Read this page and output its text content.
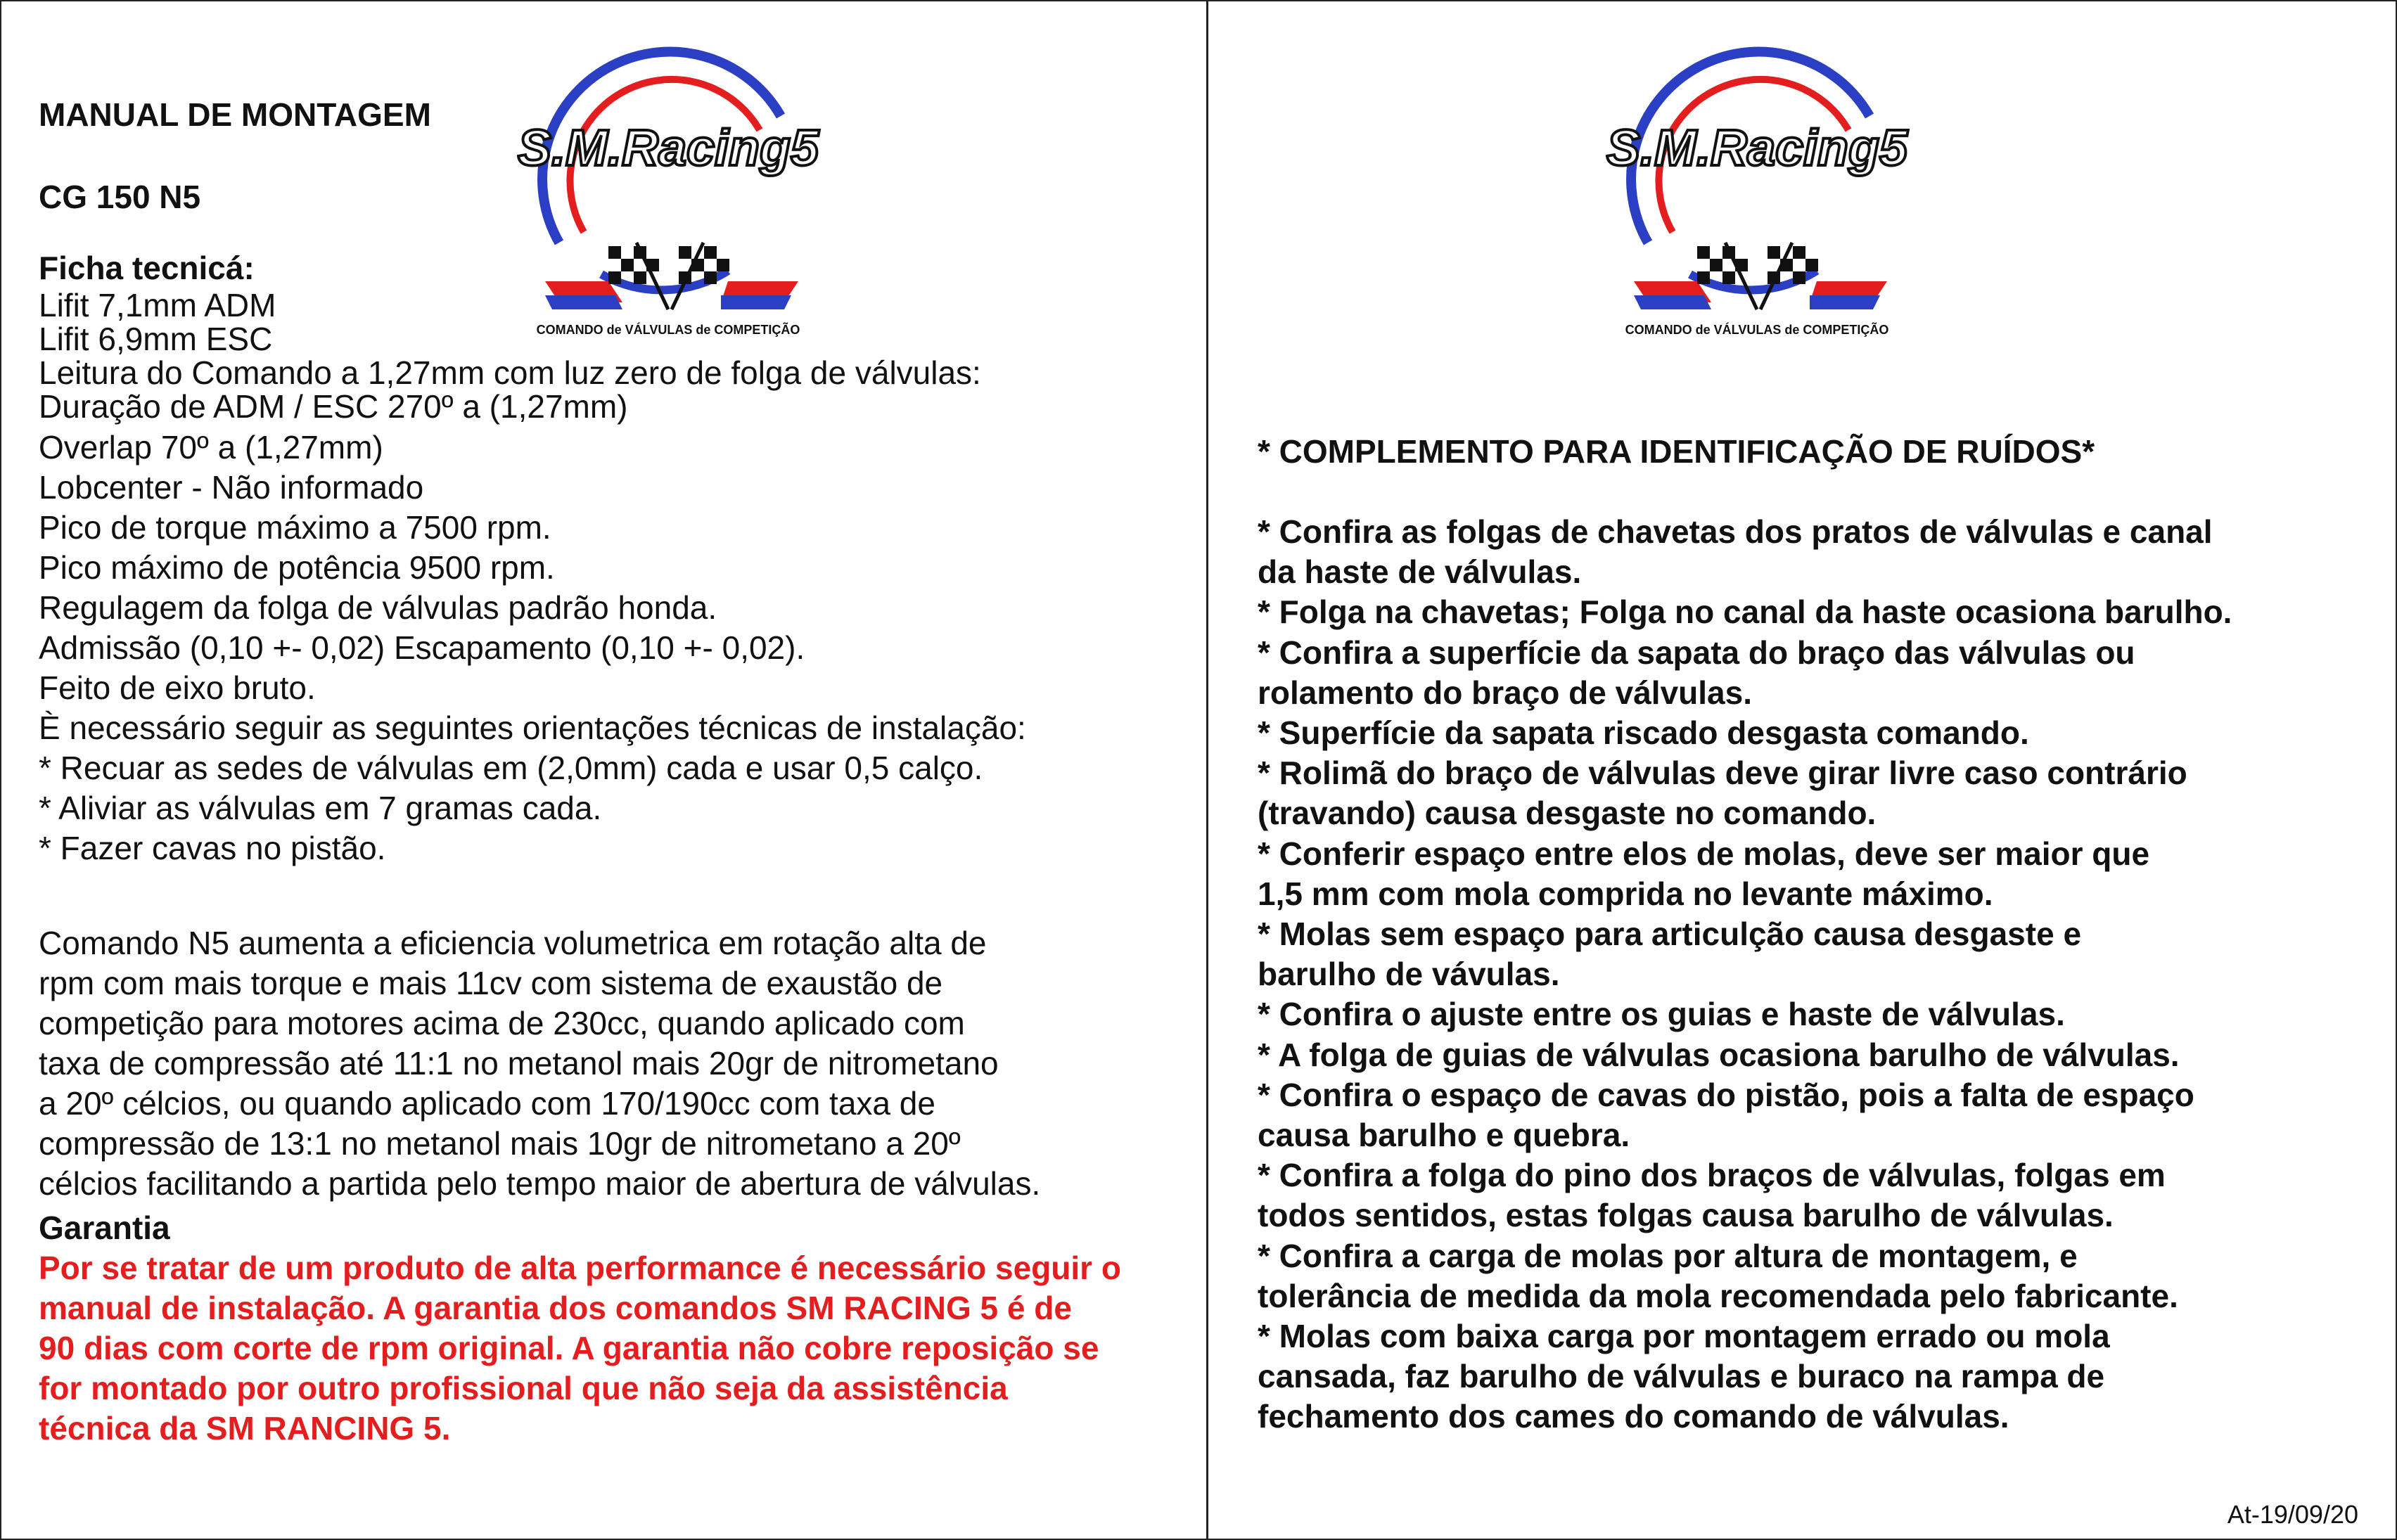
MANUAL DE MONTAGEM
CG 150 N5
Ficha tecnicá:
Lifit 7,1mm ADM
Lifit 6,9mm ESC
Leitura do Comando a 1,27mm com luz zero de folga de válvulas:
Duração de ADM / ESC 270º a (1,27mm)
Overlap 70º a (1,27mm)
Lobcenter - Não informado
Pico de torque máximo a 7500 rpm.
Pico máximo de potência 9500 rpm.
Regulagem da folga de válvulas padrão honda.
Admissão (0,10 +- 0,02) Escapamento (0,10 +- 0,02).
Feito de eixo bruto.
È necessário seguir as seguintes orientações técnicas de instalação:
* Recuar as sedes de válvulas em (2,0mm) cada e usar 0,5 calço.
* Aliviar as válvulas em 7 gramas cada.
* Fazer cavas no pistão.
Comando N5 aumenta a eficiencia volumetrica em rotação alta de
rpm com mais torque e mais 11cv com sistema de exaustão de
competição para motores acima de 230cc, quando aplicado com
taxa de compressão até 11:1 no metanol mais 20gr de nitrometano
a 20º célcios, ou quando aplicado com 170/190cc com taxa de
compressão de 13:1 no metanol mais 10gr de nitrometano a 20º
célcios facilitando a partida pelo tempo maior de abertura de válvulas.
Garantia
Por se tratar de um produto de alta performance é necessário seguir o
manual de instalação. A garantia dos comandos SM RACING 5 é de
90 dias com corte de rpm original. A garantia não cobre reposição se
for montado por outro profissional que não seja da assistência
técnica da SM RANCING 5.
* COMPLEMENTO PARA IDENTIFICAÇÃO DE RUÍDOS*
* Confira as folgas de chavetas dos pratos de válvulas e canal
da haste de válvulas.
* Folga na chavetas; Folga no canal da haste ocasiona barulho.
* Confira a superfície da sapata do braço das válvulas ou
rolamento do braço de válvulas.
* Superfície da sapata riscado desgasta comando.
* Rolimã do braço de válvulas deve girar livre caso contrário
(travando) causa desgaste no comando.
* Conferir espaço entre elos de molas, deve ser maior que
1,5 mm com mola comprida no levante máximo.
* Molas sem espaço para articulção causa desgaste e
barulho de vávulas.
* Confira o ajuste entre os guias e haste de válvulas.
* A folga de guias de válvulas ocasiona barulho de válvulas.
* Confira o espaço de cavas do pistão, pois a falta de espaço
causa barulho e quebra.
* Confira a folga do pino dos braços de válvulas, folgas em
todos sentidos, estas folgas causa barulho de válvulas.
* Confira a carga de molas por altura de montagem, e
tolerância de medida da mola recomendada pelo fabricante.
* Molas com baixa carga por montagem errado ou mola
cansada, faz barulho de válvulas e buraco na rampa de
fechamento dos cames do comando de válvulas.
At-19/09/20
S.M.Racing5
COMANDO de VÁLVULAS de COMPETIÇÃO
S.M.Racing5
COMANDO de VÁLVULAS de COMPETIÇÃO
